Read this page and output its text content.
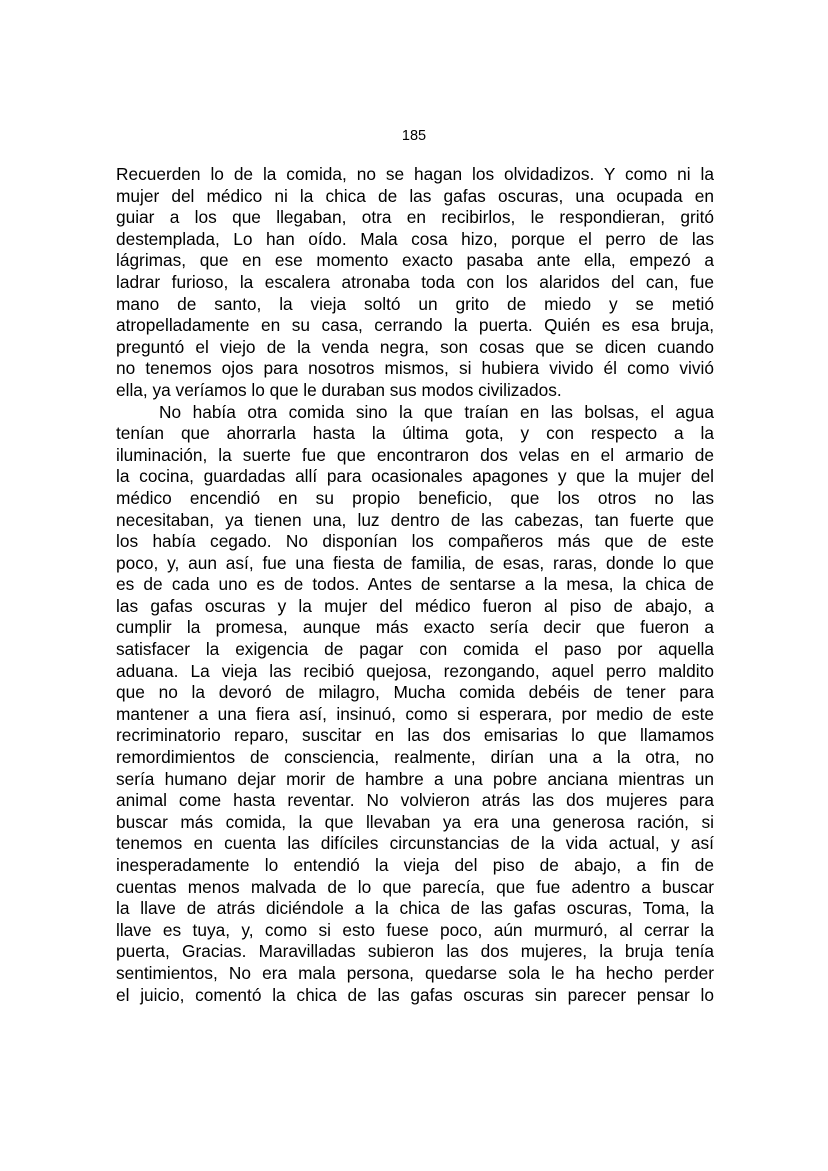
185
Recuerden lo de la comida, no se hagan los olvidadizos. Y como ni la
mujer del médico ni la chica de las gafas oscuras, una ocupada en
guiar a los que llegaban, otra en recibirlos, le respondieran, gritó
destemplada, Lo han oído. Mala cosa hizo, porque el perro de las
lágrimas, que en ese momento exacto pasaba ante ella, empezó a
ladrar furioso, la escalera atronaba toda con los alaridos del can, fue
mano de santo, la vieja soltó un grito de miedo y se metió
atropelladamente en su casa, cerrando la puerta. Quién es esa bruja,
preguntó el viejo de la venda negra, son cosas que se dicen cuando
no tenemos ojos para nosotros mismos, si hubiera vivido él como vivió
ella, ya veríamos lo que le duraban sus modos civilizados.
No había otra comida sino la que traían en las bolsas, el agua
tenían que ahorrarla hasta la última gota, y con respecto a la
iluminación, la suerte fue que encontraron dos velas en el armario de
la cocina, guardadas allí para ocasionales apagones y que la mujer del
médico encendió en su propio beneficio, que los otros no las
necesitaban, ya tienen una, luz dentro de las cabezas, tan fuerte que
los había cegado. No disponían los compañeros más que de este
poco, y, aun así, fue una fiesta de familia, de esas, raras, donde lo que
es de cada uno es de todos. Antes de sentarse a la mesa, la chica de
las gafas oscuras y la mujer del médico fueron al piso de abajo, a
cumplir la promesa, aunque más exacto sería decir que fueron a
satisfacer la exigencia de pagar con comida el paso por aquella
aduana. La vieja las recibió quejosa, rezongando, aquel perro maldito
que no la devoró de milagro, Mucha comida debéis de tener para
mantener a una fiera así, insinuó, como si esperara, por medio de este
recriminatorio reparo, suscitar en las dos emisarias lo que llamamos
remordimientos de consciencia, realmente, dirían una a la otra, no
sería humano dejar morir de hambre a una pobre anciana mientras un
animal come hasta reventar. No volvieron atrás las dos mujeres para
buscar más comida, la que llevaban ya era una generosa ración, si
tenemos en cuenta las difíciles circunstancias de la vida actual, y así
inesperadamente lo entendió la vieja del piso de abajo, a fin de
cuentas menos malvada de lo que parecía, que fue adentro a buscar
la llave de atrás diciéndole a la chica de las gafas oscuras, Toma, la
llave es tuya, y, como si esto fuese poco, aún murmuró, al cerrar la
puerta, Gracias. Maravilladas subieron las dos mujeres, la bruja tenía
sentimientos, No era mala persona, quedarse sola le ha hecho perder
el juicio, comentó la chica de las gafas oscuras sin parecer pensar lo
